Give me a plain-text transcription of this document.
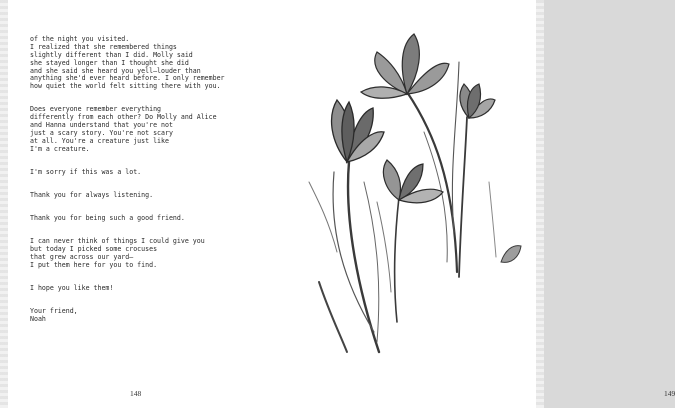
of the night you visited.
I realized that she remembered things
slightly different than I did. Molly said
she stayed longer than I thought she did
and she said she heard you yell—louder than
anything she'd ever heard before. I only remember
how quiet the world felt sitting there with you.

Does everyone remember everything
differently from each other? Do Molly and Alice
and Hanna understand that you're not
just a scary story. You're not scary
at all. You're a creature just like
I'm a creature.

I'm sorry if this was a lot.

Thank you for always listening.

Thank you for being such a good friend.

I can never think of things I could give you
but today I picked some crocuses
that grew across our yard—
I put them here for you to find.

I hope you like them!

Your friend,
Noah

148	149
